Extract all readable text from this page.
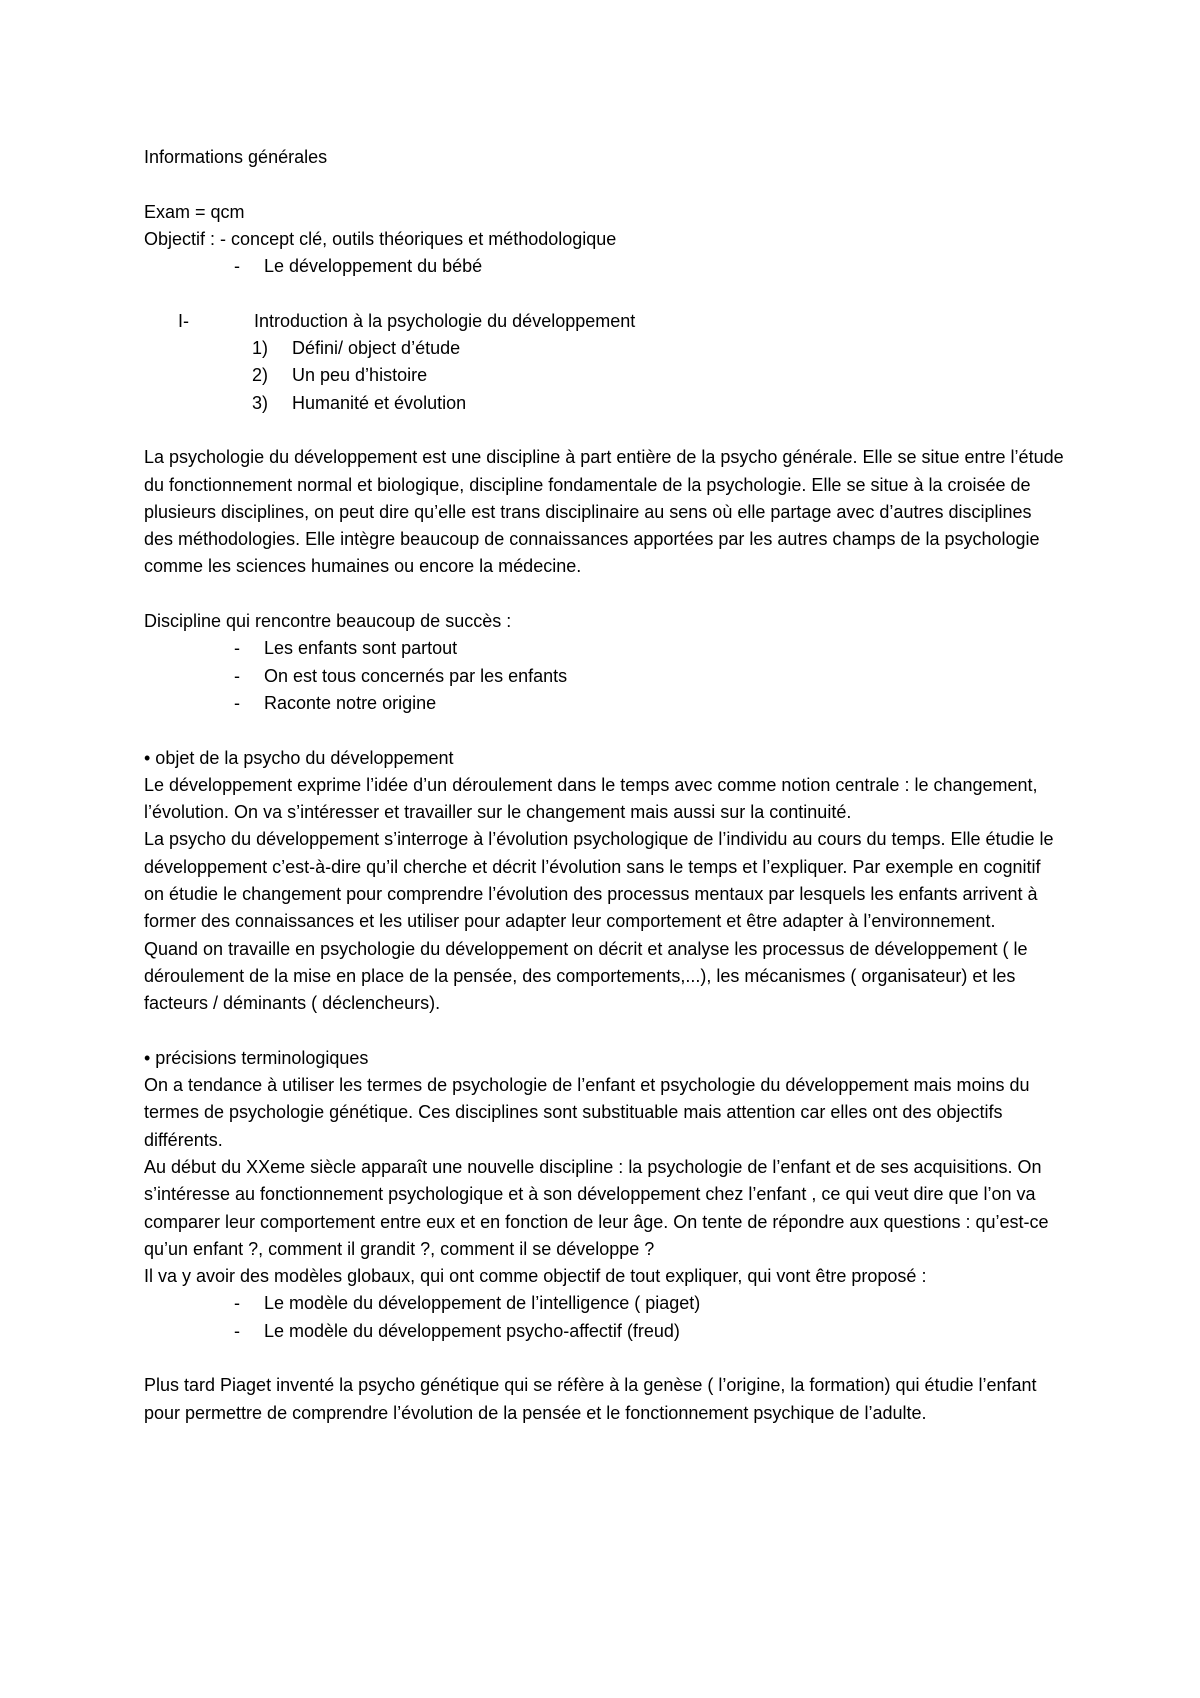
Informations générales
Exam = qcm
Objectif : - concept clé, outils théoriques et méthodologique
- Le développement du bébé
I-	Introduction à la psychologie du développement
1) Défini/ object d’étude
2) Un peu d’histoire
3) Humanité et évolution
La psychologie du développement est une discipline à part entière de la psycho générale. Elle se situe entre l’étude du fonctionnement normal et biologique, discipline fondamentale de la psychologie. Elle se situe à la croisée de plusieurs disciplines, on peut dire qu’elle est trans disciplinaire au sens où elle partage avec d’autres disciplines des méthodologies. Elle intègre beaucoup de connaissances apportées par les autres champs de la psychologie comme les sciences humaines ou encore la médecine.
Discipline qui rencontre beaucoup de succès :
- Les enfants sont partout
- On est tous concernés par les enfants
- Raconte notre origine
• objet de la psycho du développement
Le développement exprime l’idée d’un déroulement dans le temps avec comme notion centrale : le changement, l’évolution. On va s’intéresser et travailler sur le changement mais aussi sur la continuité.
La psycho du développement s’interroge à l’évolution psychologique de l’individu au cours du temps. Elle étudie le développement c’est-à-dire qu’il cherche et décrit l’évolution sans le temps et l’expliquer. Par exemple en cognitif on étudie le changement pour comprendre l’évolution des processus mentaux par lesquels les enfants arrivent à former des connaissances et les utiliser pour adapter leur comportement et être adapter à l’environnement.
Quand on travaille en psychologie du développement on décrit et analyse les processus de développement ( le déroulement de la mise en place de la pensée, des comportements,...), les mécanismes ( organisateur) et les facteurs / déminants ( déclencheurs).
• précisions terminologiques
On a tendance à utiliser les termes de psychologie de l’enfant et psychologie du développement mais moins du termes de psychologie génétique. Ces disciplines sont substituable mais attention car elles ont des objectifs différents.
Au début du XXeme siècle apparaît une nouvelle discipline : la psychologie de l’enfant et de ses acquisitions. On s’intéresse au fonctionnement psychologique et à son développement chez l’enfant , ce qui veut dire que l’on va comparer leur comportement entre eux et en fonction de leur âge. On tente de répondre aux questions : qu’est-ce qu’un enfant ?, comment il grandit ?, comment il se développe ?
Il va y avoir des modèles globaux, qui ont comme objectif de tout expliquer, qui vont être proposé :
- Le modèle du développement de l’intelligence ( piaget)
- Le modèle du développement psycho-affectif (freud)
Plus tard Piaget inventé la psycho génétique qui se réfère à la genèse ( l’origine, la formation) qui étudie l’enfant pour permettre de comprendre l’évolution de la pensée et le fonctionnement psychique de l’adulte.
